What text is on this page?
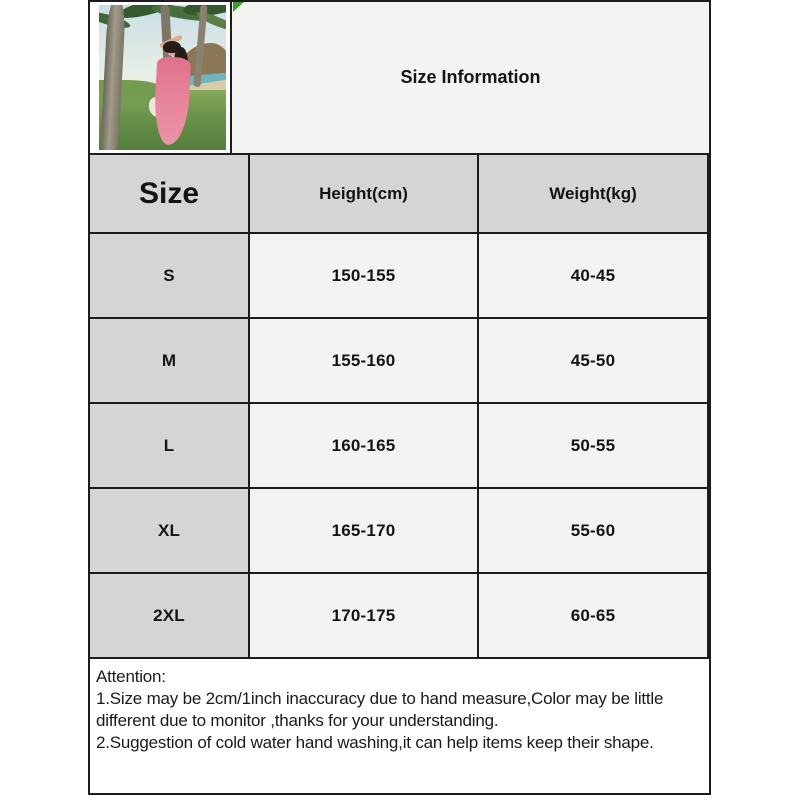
Size Information
Size	Height(cm)	Weight(kg)
S	150-155	40-45
M	155-160	45-50
L	160-165	50-55
XL	165-170	55-60
2XL	170-175	60-65
Attention:
1.Size may be 2cm/1inch inaccuracy due to hand measure,Color may be little
different due to monitor ,thanks for your understanding.
2.Suggestion of cold water hand washing,it can help items keep their shape.
